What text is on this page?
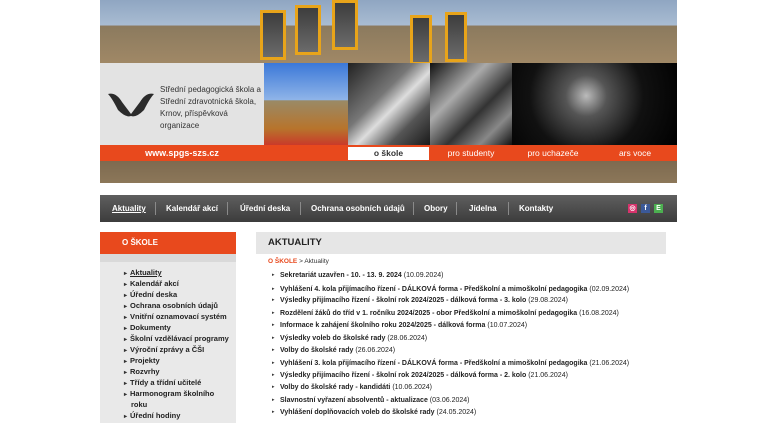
Střední pedagogická škola a Střední zdravotnická škola, Krnov, příspěvková organizace
www.spgs-szs.cz	o škole	pro studenty	pro uchazeče	ars voce
Aktuality	Kalendář akcí	Úřední deska	Ochrana osobních údajů Obory	Jídelna	Kontakty	◎	f	E
O ŠKOLE
▸ Aktuality
▸ Kalendář akcí
▸ Úřední deska
▸ Ochrana osobních údajů
▸ Vnitřní oznamovací systém
▸ Dokumenty
▸ Školní vzdělávací programy
▸ Výroční zprávy a ČŠI
▸ Projekty
▸ Rozvrhy
▸ Třídy a třídní učitelé
▸ Harmonogram školního
roku
▸ Úřední hodiny
AKTUALITY
O ŠKOLE > Aktuality
▸ Sekretariát uzavřen - 10. - 13. 9. 2024 (10.09.2024)
▸ Vyhlášení 4. kola přijímacího řízení - DÁLKOVÁ forma - Předškolní a mimoškolní pedagogika (02.09.2024)
▸ Výsledky přijímacího řízení - školní rok 2024/2025 - dálková forma - 3. kolo (29.08.2024)
▸ Rozdělení žáků do tříd v 1. ročníku 2024/2025 - obor Předškolní a mimoškolní pedagogika (16.08.2024)
▸ Informace k zahájení školního roku 2024/2025 - dálková forma (10.07.2024)
▸ Výsledky voleb do školské rady (28.06.2024)
▸ Volby do školské rady (26.06.2024)
▸ Vyhlášení 3. kola přijímacího řízení - DÁLKOVÁ forma - Předškolní a mimoškolní pedagogika (21.06.2024)
▸ Výsledky přijímacího řízení - školní rok 2024/2025 - dálková forma - 2. kolo (21.06.2024)
▸ Volby do školské rady - kandidáti (10.06.2024)
▸ Slavnostní vyřazení absolventů - aktualizace (03.06.2024)
▸ Vyhlášení doplňovacích voleb do školské rady (24.05.2024)
